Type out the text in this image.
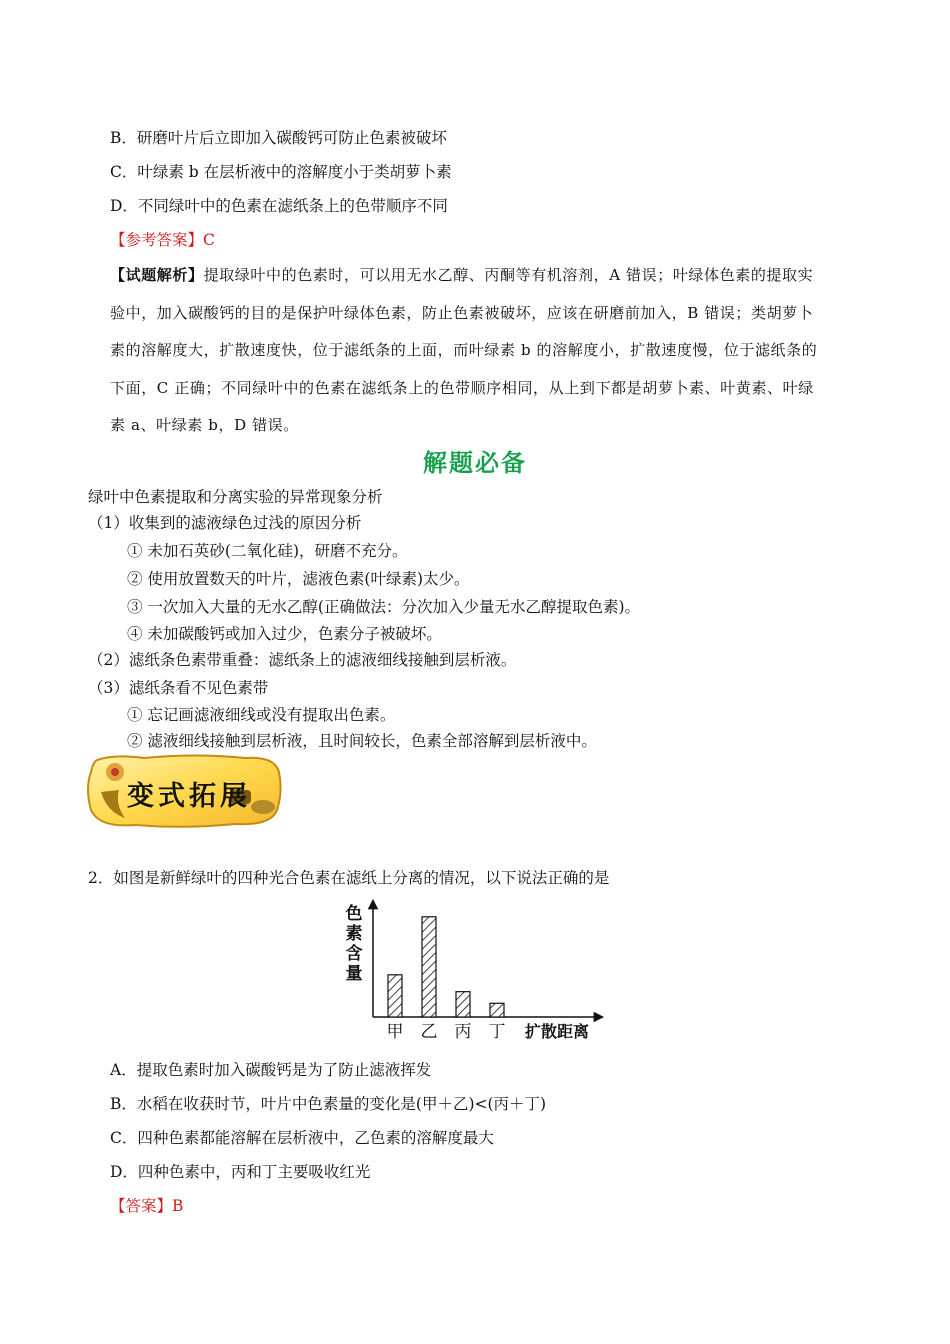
B．研磨叶片后立即加入碳酸钙可防止色素被破坏
C．叶绿素 b 在层析液中的溶解度小于类胡萝卜素
D．不同绿叶中的色素在滤纸条上的色带顺序不同
【参考答案】C
【试题解析】提取绿叶中的色素时，可以用无水乙醇、丙酮等有机溶剂，A 错误；叶绿体色素的提取实
验中，加入碳酸钙的目的是保护叶绿体色素，防止色素被破坏，应该在研磨前加入，B 错误；类胡萝卜
素的溶解度大，扩散速度快，位于滤纸条的上面，而叶绿素 b 的溶解度小，扩散速度慢，位于滤纸条的
下面，C 正确；不同绿叶中的色素在滤纸条上的色带顺序相同，从上到下都是胡萝卜素、叶黄素、叶绿
素 a、叶绿素 b，D 错误。
解题必备
绿叶中色素提取和分离实验的异常现象分析
（1）收集到的滤液绿色过浅的原因分析
① 未加石英砂(二氧化硅)，研磨不充分。
② 使用放置数天的叶片，滤液色素(叶绿素)太少。
③ 一次加入大量的无水乙醇(正确做法：分次加入少量无水乙醇提取色素)。
④ 未加碳酸钙或加入过少，色素分子被破坏。
（2）滤纸条色素带重叠：滤纸条上的滤液细线接触到层析液。
（3）滤纸条看不见色素带
① 忘记画滤液细线或没有提取出色素。
② 滤液细线接触到层析液，且时间较长，色素全部溶解到层析液中。
变式拓展
2．如图是新鲜绿叶的四种光合色素在滤纸上分离的情况，以下说法正确的是
甲 乙 丙 丁
色
素
含
量
扩散距离
A．提取色素时加入碳酸钙是为了防止滤液挥发
B．水稻在收获时节，叶片中色素量的变化是(甲＋乙)<(丙＋丁)
C．四种色素都能溶解在层析液中，乙色素的溶解度最大
D．四种色素中，丙和丁主要吸收红光
【答案】B
